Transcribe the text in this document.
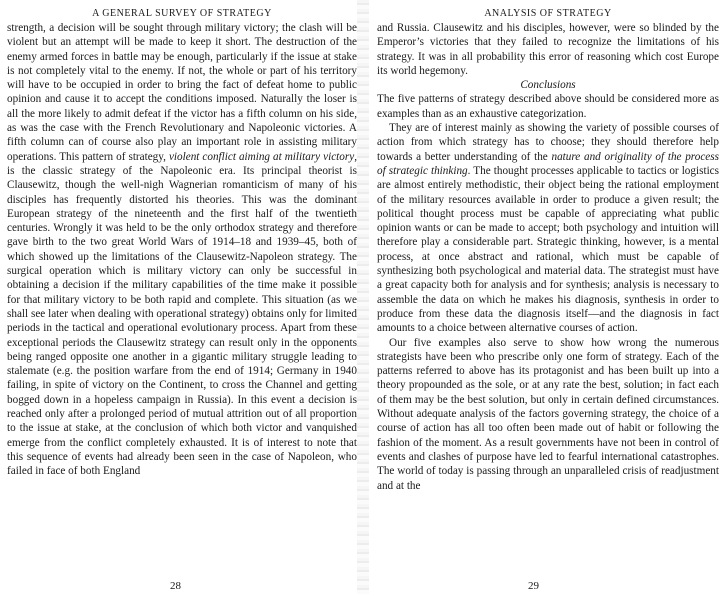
A GENERAL SURVEY OF STRATEGY

strength, a decision will be sought through military victory; the clash will be violent but an attempt will be made to keep it short. The destruction of the enemy armed forces in battle may be enough, particularly if the issue at stake is not completely vital to the enemy. If not, the whole or part of his territory will have to be occupied in order to bring the fact of defeat home to public opinion and cause it to accept the conditions imposed. Naturally the loser is all the more likely to admit defeat if the victor has a fifth column on his side, as was the case with the French Revolutionary and Napoleonic victories. A fifth column can of course also play an important role in assisting military operations. This pattern of strategy, violent conflict aiming at military victory, is the classic strategy of the Napoleonic era. Its principal theorist is Clausewitz, though the well-nigh Wagnerian romanticism of many of his disciples has frequently distorted his theories. This was the dominant European strategy of the nineteenth and the first half of the twentieth centuries. Wrongly it was held to be the only orthodox strategy and therefore gave birth to the two great World Wars of 1914–18 and 1939–45, both of which showed up the limitations of the Clausewitz-Napoleon strategy. The surgical operation which is military victory can only be successful in obtaining a decision if the military capabilities of the time make it possible for that military victory to be both rapid and complete. This situation (as we shall see later when dealing with operational strategy) obtains only for limited periods in the tactical and operational evolutionary process. Apart from these exceptional periods the Clausewitz strategy can result only in the opponents being ranged opposite one another in a gigantic military struggle leading to stalemate (e.g. the position warfare from the end of 1914; Germany in 1940 failing, in spite of victory on the Continent, to cross the Channel and getting bogged down in a hopeless campaign in Russia). In this event a decision is reached only after a prolonged period of mutual attrition out of all proportion to the issue at stake, at the conclusion of which both victor and vanquished emerge from the conflict completely exhausted. It is of interest to note that this sequence of events had already been seen in the case of Napoleon, who failed in face of both England

28
ANALYSIS OF STRATEGY

and Russia. Clausewitz and his disciples, however, were so blinded by the Emperor’s victories that they failed to recognize the limitations of his strategy. It was in all probability this error of reasoning which cost Europe its world hegemony.

Conclusions

The five patterns of strategy described above should be considered more as examples than as an exhaustive categorization.

They are of interest mainly as showing the variety of possible courses of action from which strategy has to choose; they should therefore help towards a better understanding of the nature and originality of the process of strategic thinking. The thought processes applicable to tactics or logistics are almost entirely methodistic, their object being the rational employment of the military resources available in order to produce a given result; the political thought process must be capable of appreciating what public opinion wants or can be made to accept; both psychology and intuition will therefore play a considerable part. Strategic thinking, however, is a mental process, at once abstract and rational, which must be capable of synthesizing both psychological and material data. The strategist must have a great capacity both for analysis and for synthesis; analysis is necessary to assemble the data on which he makes his diagnosis, synthesis in order to produce from these data the diagnosis itself—and the diagnosis in fact amounts to a choice between alternative courses of action.

Our five examples also serve to show how wrong the numerous strategists have been who prescribe only one form of strategy. Each of the patterns referred to above has its protagonist and has been built up into a theory propounded as the sole, or at any rate the best, solution; in fact each of them may be the best solution, but only in certain defined circumstances. Without adequate analysis of the factors governing strategy, the choice of a course of action has all too often been made out of habit or following the fashion of the moment. As a result governments have not been in control of events and clashes of purpose have led to fearful international catastrophes. The world of today is passing through an unparalleled crisis of readjustment and at the

29
